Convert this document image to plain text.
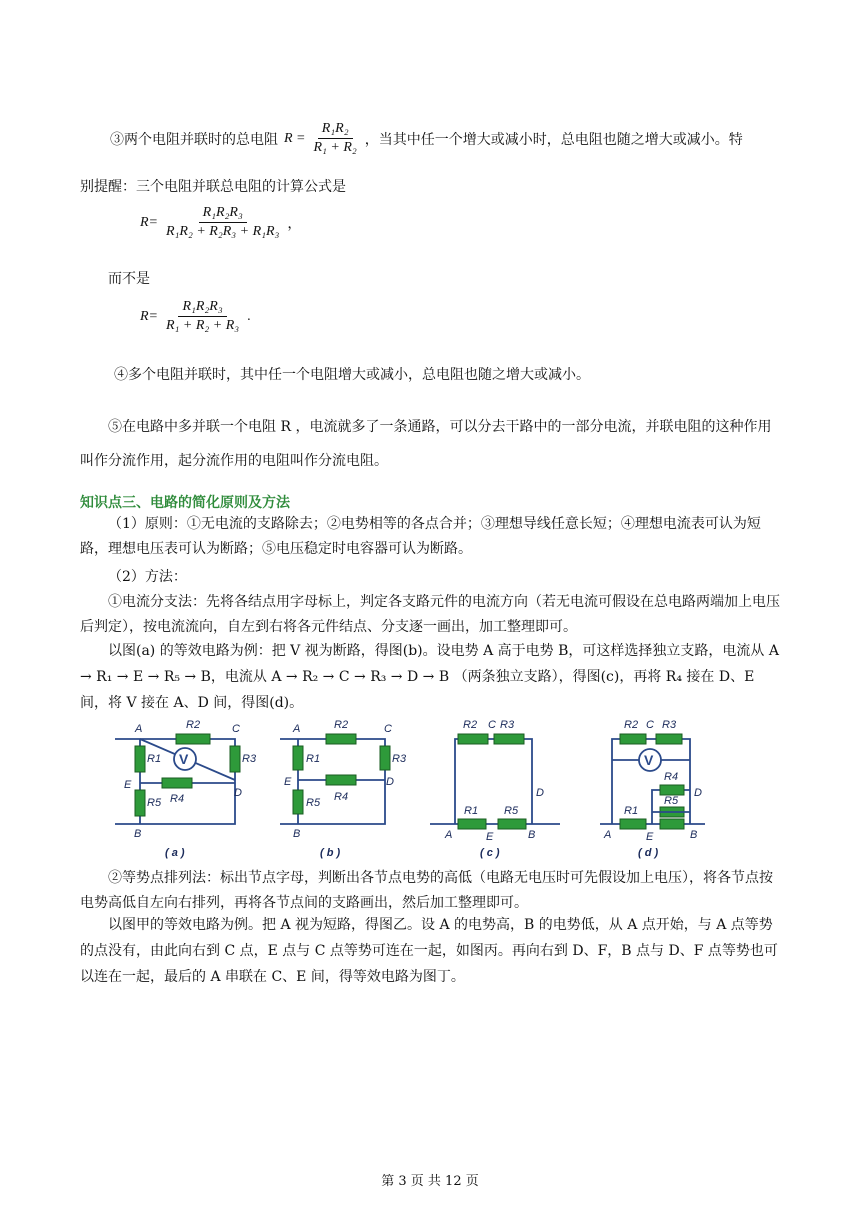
③两个电阻并联时的总电阻 $R = \frac{\text{R₁R₂}}{\text{R₁ + R₂}}$ ，当其中任一个增大或减小时，总电阻也随之增大或减小。特
别提醒：三个电阻并联总电阻的计算公式是
$R= \frac{\text{R₁R₂R₃}}{\text{R₁R₂ + R₂R₃ + R₁R₃}}$ ，
而不是
$R= \frac{\text{R₁R₂R₃}}{\text{R₁ + R₂ + R₃}}$ .
④多个电阻并联时，其中任一个电阻增大或减小，总电阻也随之增大或减小。
⑤在电路中多并联一个电阻 R ，电流就多了一条通路，可以分去干路中的一部分电流，并联电阻的这种作用叫作分流作用，起分流作用的电阻叫作分流电阻。
知识点三、电路的简化原则及方法
（1）原则：①无电流的支路除去；②电势相等的各点合并；③理想导线任意长短；④理想电流表可认为短路，理想电压表可认为断路；⑤电压稳定时电容器可认为断路。
（2）方法：
①电流分支法：先将各结点用字母标上，判定各支路元件的电流方向（若无电流可假设在总电路两端加上电压后判定），按电流流向，自左到右将各元件结点、分支逐一画出，加工整理即可。
以图(a) 的等效电路为例：把 V 视为断路，得图(b)。设电势 A 高于电势 B，可这样选择独立支路，电流从 A → R₁ → E → R₅ → B，电流从 A → R₂ → C → R₃ → D → B （两条独立支路），得图(c)，再将 R₄ 接在 D、E 间，将 V 接在 A、D 间，得图(d)。
V
A	R2	C
R1	R3
E
D
R4
R5
B
( a )
A	R2	C
R1	R3
E	D
R4
R5
B
( b )
R2 C R3
D
R1 R5
A	E	B
( c )
V
R2 C R3
R4
D
R1
R5
A	E	B
( d )
②等势点排列法：标出节点字母，判断出各节点电势的高低（电路无电压时可先假设加上电压），将各节点按电势高低自左向右排列，再将各节点间的支路画出，然后加工整理即可。
以图甲的等效电路为例。把 A 视为短路，得图乙。设 A 的电势高，B 的电势低，从 A 点开始，与 A 点等势的点没有，由此向右到 C 点，E 点与 C 点等势可连在一起，如图丙。再向右到 D、F，B 点与 D、F 点等势也可以连在一起，最后的 A 串联在 C、E 间，得等效电路为图丁。
第 3 页 共 12 页
